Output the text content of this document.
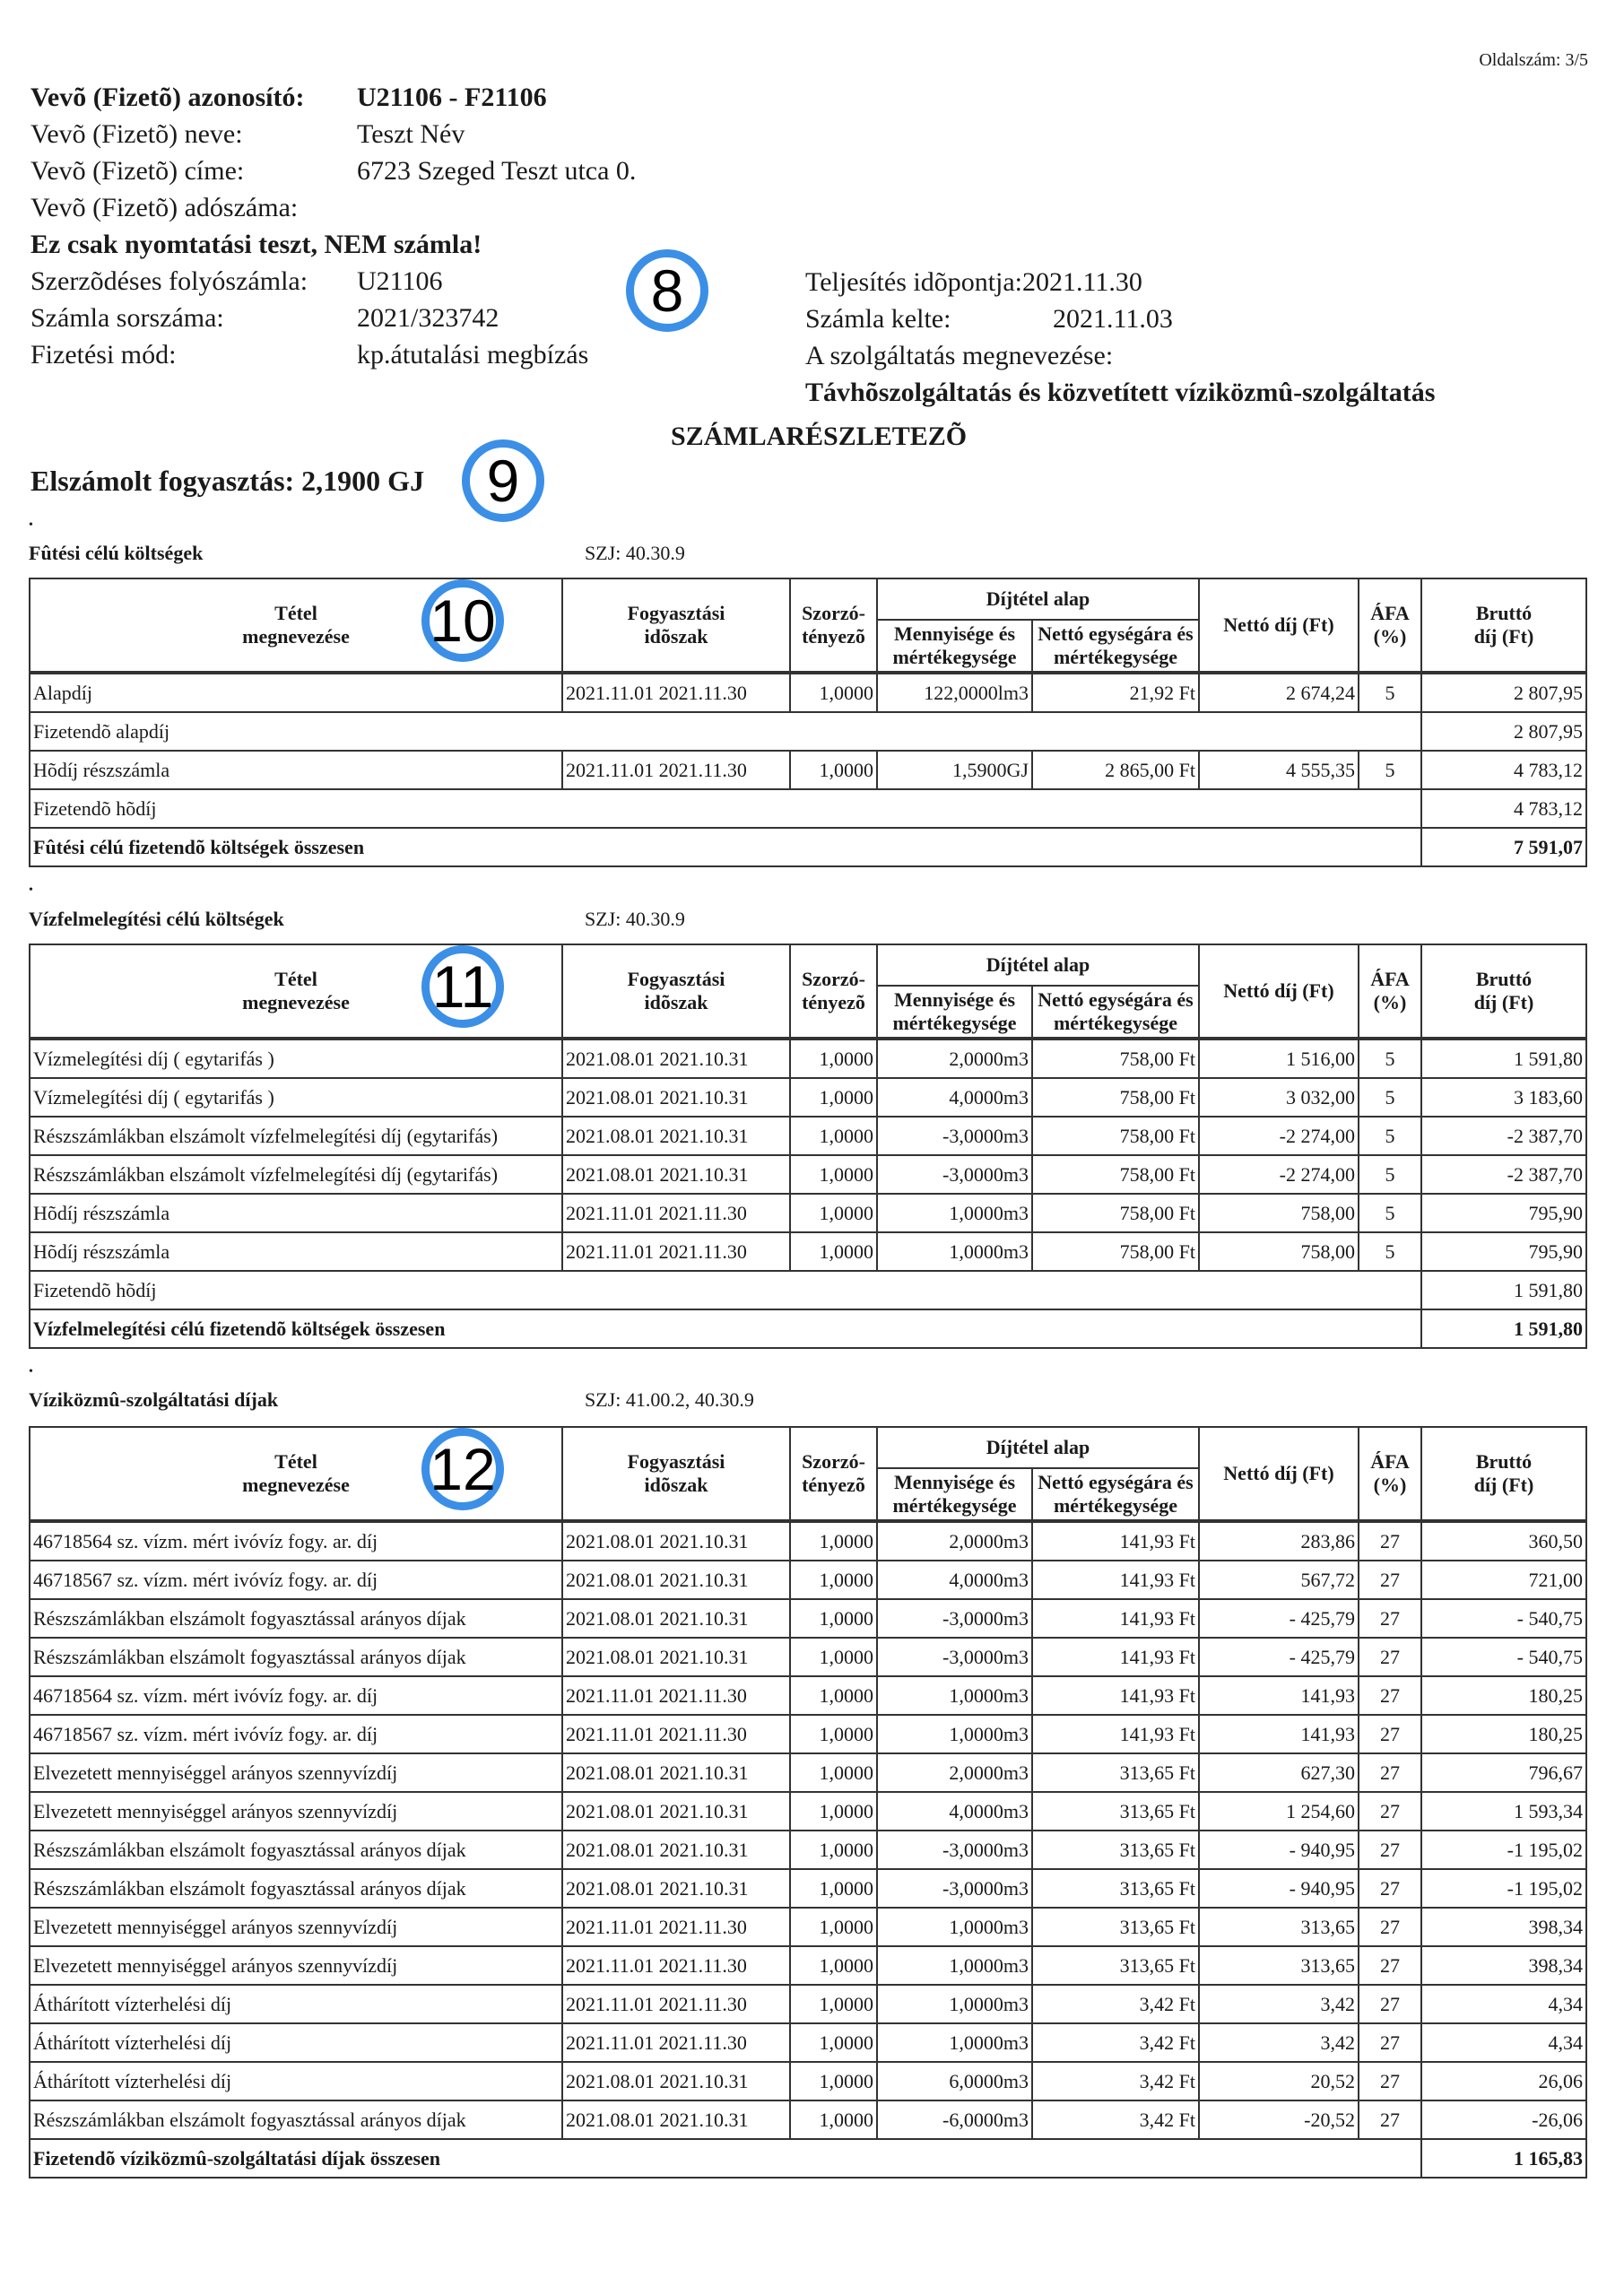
Oldalszám: 3/5
Vevõ (Fizetõ) azonosító:	U21106 - F21106
Vevõ (Fizetõ) neve:	Teszt Név
Vevõ (Fizetõ) címe:	6723 Szeged Teszt utca 0.
Vevõ (Fizetõ) adószáma:
Ez csak nyomtatási teszt, NEM számla!
Szerzõdéses folyószámla:	U21106
Számla sorszáma:	2021/323742
Fizetési mód:	kp.átutalási megbízás
Teljesítés idõpontja: 2021.11.30
Számla kelte:	2021.11.03
A szolgáltatás megnevezése:
Távhõszolgáltatás és közvetített víziközmû-szolgáltatás
SZÁMLARÉSZLETEZÕ
Elszámolt fogyasztás: 2,1900 GJ
8
9
•
Fûtési célú költségek	SZJ: 40.30.9
•
Vízfelmelegítési célú költségek	SZJ: 40.30.9
•
Víziközmû-szolgáltatási díjak	SZJ: 41.00.2, 40.30.9
Tétel megnevezése	Fogyasztási idõszak	Szorzó- tényezõ	Díjtétel alap		Nettó díj (Ft)	ÁFA (%)	Bruttó díj (Ft)
			Mennyisége és mértékegysége	Nettó egységára és mértékegysége			
Alapdíj	2021.11.01 2021.11.30	1,0000	122,0000lm3	21,92 Ft	2 674,24	5	2 807,95
Fizetendõ alapdíj							2 807,95
Hõdíj részszámla	2021.11.01 2021.11.30	1,0000	1,5900GJ	2 865,00 Ft	4 555,35	5	4 783,12
Fizetendõ hõdíj							4 783,12
Fûtési célú fizetendõ költségek összesen							7 591,07
10
Tétel megnevezése	Fogyasztási idõszak	Szorzó- tényezõ	Díjtétel alap		Nettó díj (Ft)	ÁFA (%)	Bruttó díj (Ft)
			Mennyisége és mértékegysége	Nettó egységára és mértékegysége			
Vízmelegítési díj ( egytarifás )	2021.08.01 2021.10.31	1,0000	2,0000m3	758,00 Ft	1 516,00	5	1 591,80
Vízmelegítési díj ( egytarifás )	2021.08.01 2021.10.31	1,0000	4,0000m3	758,00 Ft	3 032,00	5	3 183,60
Részszámlákban elszámolt vízfelmelegítési díj (egytarifás)	2021.08.01 2021.10.31	1,0000	-3,0000m3	758,00 Ft	-2 274,00	5	-2 387,70
Részszámlákban elszámolt vízfelmelegítési díj (egytarifás)	2021.08.01 2021.10.31	1,0000	-3,0000m3	758,00 Ft	-2 274,00	5	-2 387,70
Hõdíj részszámla	2021.11.01 2021.11.30	1,0000	1,0000m3	758,00 Ft	758,00	5	795,90
Hõdíj részszámla	2021.11.01 2021.11.30	1,0000	1,0000m3	758,00 Ft	758,00	5	795,90
Fizetendõ hõdíj							1 591,80
Vízfelmelegítési célú fizetendõ költségek összesen							1 591,80
11
Tétel megnevezése	Fogyasztási idõszak	Szorzó- tényezõ	Díjtétel alap		Nettó díj (Ft)	ÁFA (%)	Bruttó díj (Ft)
			Mennyisége és mértékegysége	Nettó egységára és mértékegysége			
46718564 sz. vízm. mért ivóvíz fogy. ar. díj	2021.08.01 2021.10.31	1,0000	2,0000m3	141,93 Ft	283,86	27	360,50
46718567 sz. vízm. mért ivóvíz fogy. ar. díj	2021.08.01 2021.10.31	1,0000	4,0000m3	141,93 Ft	567,72	27	721,00
Részszámlákban elszámolt fogyasztással arányos díjak	2021.08.01 2021.10.31	1,0000	-3,0000m3	141,93 Ft	- 425,79	27	- 540,75
Részszámlákban elszámolt fogyasztással arányos díjak	2021.08.01 2021.10.31	1,0000	-3,0000m3	141,93 Ft	- 425,79	27	- 540,75
46718564 sz. vízm. mért ivóvíz fogy. ar. díj	2021.11.01 2021.11.30	1,0000	1,0000m3	141,93 Ft	141,93	27	180,25
46718567 sz. vízm. mért ivóvíz fogy. ar. díj	2021.11.01 2021.11.30	1,0000	1,0000m3	141,93 Ft	141,93	27	180,25
Elvezetett mennyiséggel arányos szennyvízdíj	2021.08.01 2021.10.31	1,0000	2,0000m3	313,65 Ft	627,30	27	796,67
Elvezetett mennyiséggel arányos szennyvízdíj	2021.08.01 2021.10.31	1,0000	4,0000m3	313,65 Ft	1 254,60	27	1 593,34
Részszámlákban elszámolt fogyasztással arányos díjak	2021.08.01 2021.10.31	1,0000	-3,0000m3	313,65 Ft	- 940,95	27	-1 195,02
Részszámlákban elszámolt fogyasztással arányos díjak	2021.08.01 2021.10.31	1,0000	-3,0000m3	313,65 Ft	- 940,95	27	-1 195,02
Elvezetett mennyiséggel arányos szennyvízdíj	2021.11.01 2021.11.30	1,0000	1,0000m3	313,65 Ft	313,65	27	398,34
Elvezetett mennyiséggel arányos szennyvízdíj	2021.11.01 2021.11.30	1,0000	1,0000m3	313,65 Ft	313,65	27	398,34
Áthárított vízterhelési díj	2021.11.01 2021.11.30	1,0000	1,0000m3	3,42 Ft	3,42	27	4,34
Áthárított vízterhelési díj	2021.11.01 2021.11.30	1,0000	1,0000m3	3,42 Ft	3,42	27	4,34
Áthárított vízterhelési díj	2021.08.01 2021.10.31	1,0000	6,0000m3	3,42 Ft	20,52	27	26,06
Részszámlákban elszámolt fogyasztással arányos díjak	2021.08.01 2021.10.31	1,0000	-6,0000m3	3,42 Ft	-20,52	27	-26,06
Fizetendõ víziközmû-szolgáltatási díjak összesen							1 165,83
12
